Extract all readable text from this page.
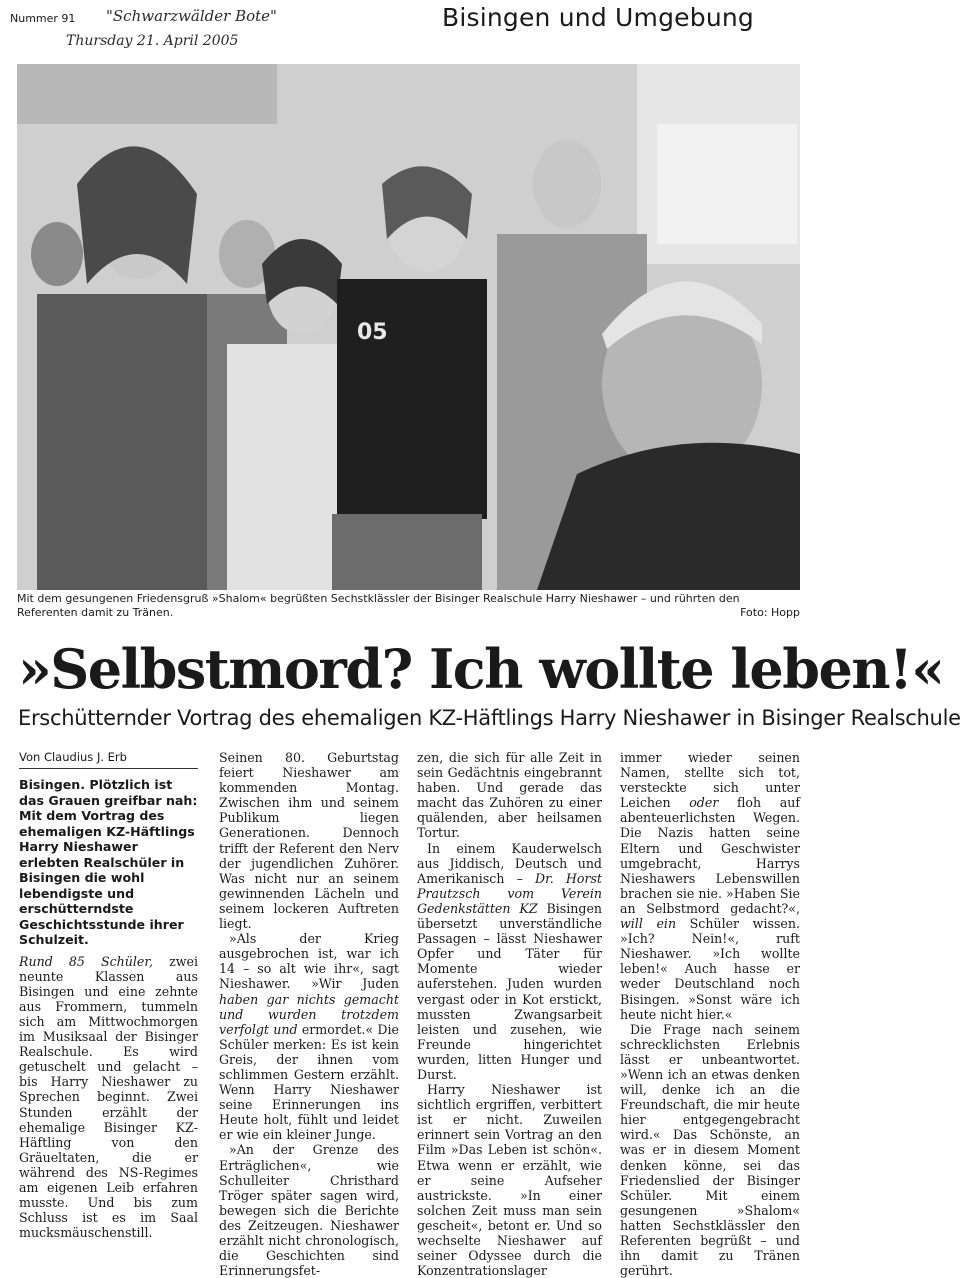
Nummer 91 "Schwarzwälder Bote"
Thursday 21. April 2005
Bisingen und Umgebung
05
Mit dem gesungenen Friedensgruß »Shalom« begrüßten Sechstklässler der Bisinger Realschule Harry Nieshawer – und rührten den Referenten damit zu Tränen.	Foto: Hopp
»Selbstmord? Ich wollte leben!«
Erschütternder Vortrag des ehemaligen KZ-Häftlings Harry Nieshawer in Bisinger Realschule
Von Claudius J. Erb
Bisingen. Plötzlich ist das Grauen greifbar nah: Mit dem Vortrag des ehemaligen KZ-Häftlings Harry Nieshawer erlebten Realschüler in Bisingen die wohl lebendigste und erschütterndste Geschichtsstunde ihrer Schulzeit.

Rund 85 Schüler, zwei neunte Klassen aus Bisingen und eine zehnte aus Frommern, tummeln sich am Mittwochmorgen im Musiksaal der Bisinger Realschule. Es wird getuschelt und gelacht – bis Harry Nieshawer zu Sprechen beginnt. Zwei Stunden erzählt der ehemalige Bisinger KZ-Häftling von den Gräueltaten, die er während des NS-Regimes am eigenen Leib erfahren musste. Und bis zum Schluss ist es im Saal mucksmäuschenstill.

Seinen 80. Geburtstag feiert Nieshawer am kommenden Montag. Zwischen ihm und seinem Publikum liegen Generationen. Dennoch trifft der Referent den Nerv der jugendlichen Zuhörer. Was nicht nur an seinem gewinnenden Lächeln und seinem lockeren Auftreten liegt.

»Als der Krieg ausgebrochen ist, war ich 14 – so alt wie ihr«, sagt Nieshawer. »Wir Juden haben gar nichts gemacht und wurden trotzdem verfolgt und ermordet.« Die Schüler merken: Es ist kein Greis, der ihnen vom schlimmen Gestern erzählt. Wenn Harry Nieshawer seine Erinnerungen ins Heute holt, fühlt und leidet er wie ein kleiner Junge.

»An der Grenze des Erträglichen«, wie Schulleiter Christhard Tröger später sagen wird, bewegen sich die Berichte des Zeitzeugen. Nieshawer erzählt nicht chronologisch, die Geschichten sind Erinnerungsfet-

zen, die sich für alle Zeit in sein Gedächtnis eingebrannt haben. Und gerade das macht das Zuhören zu einer quälenden, aber heilsamen Tortur.

In einem Kauderwelsch aus Jiddisch, Deutsch und Amerikanisch – Dr. Horst Prautzsch vom Verein Gedenkstätten KZ Bisingen übersetzt unverständliche Passagen – lässt Nieshawer Opfer und Täter für Momente wieder auferstehen. Juden wurden vergast oder in Kot erstickt, mussten Zwangsarbeit leisten und zusehen, wie Freunde hingerichtet wurden, litten Hunger und Durst.

Harry Nieshawer ist sichtlich ergriffen, verbittert ist er nicht. Zuweilen erinnert sein Vortrag an den Film »Das Leben ist schön«. Etwa wenn er erzählt, wie er seine Aufseher austrickste. »In einer solchen Zeit muss man sein gescheit«, betont er. Und so wechselte Nieshawer auf seiner Odyssee durch die Konzentrationslager

immer wieder seinen Namen, stellte sich tot, versteckte sich unter Leichen oder floh auf abenteuerlichsten Wegen. Die Nazis hatten seine Eltern und Geschwister umgebracht, Harrys Nieshawers Lebenswillen brachen sie nie. »Haben Sie an Selbstmord gedacht?«, will ein Schüler wissen. »Ich? Nein!«, ruft Nieshawer. »Ich wollte leben!« Auch hasse er weder Deutschland noch Bisingen. »Sonst wäre ich heute nicht hier.«

Die Frage nach seinem schrecklichsten Erlebnis lässt er unbeantwortet. »Wenn ich an etwas denken will, denke ich an die Freundschaft, die mir heute hier entgegengebracht wird.« Das Schönste, an was er in diesem Moment denken könne, sei das Friedenslied der Bisinger Schüler. Mit einem gesungenen »Shalom« hatten Sechstklässler den Referenten begrüßt – und ihn damit zu Tränen gerührt.
